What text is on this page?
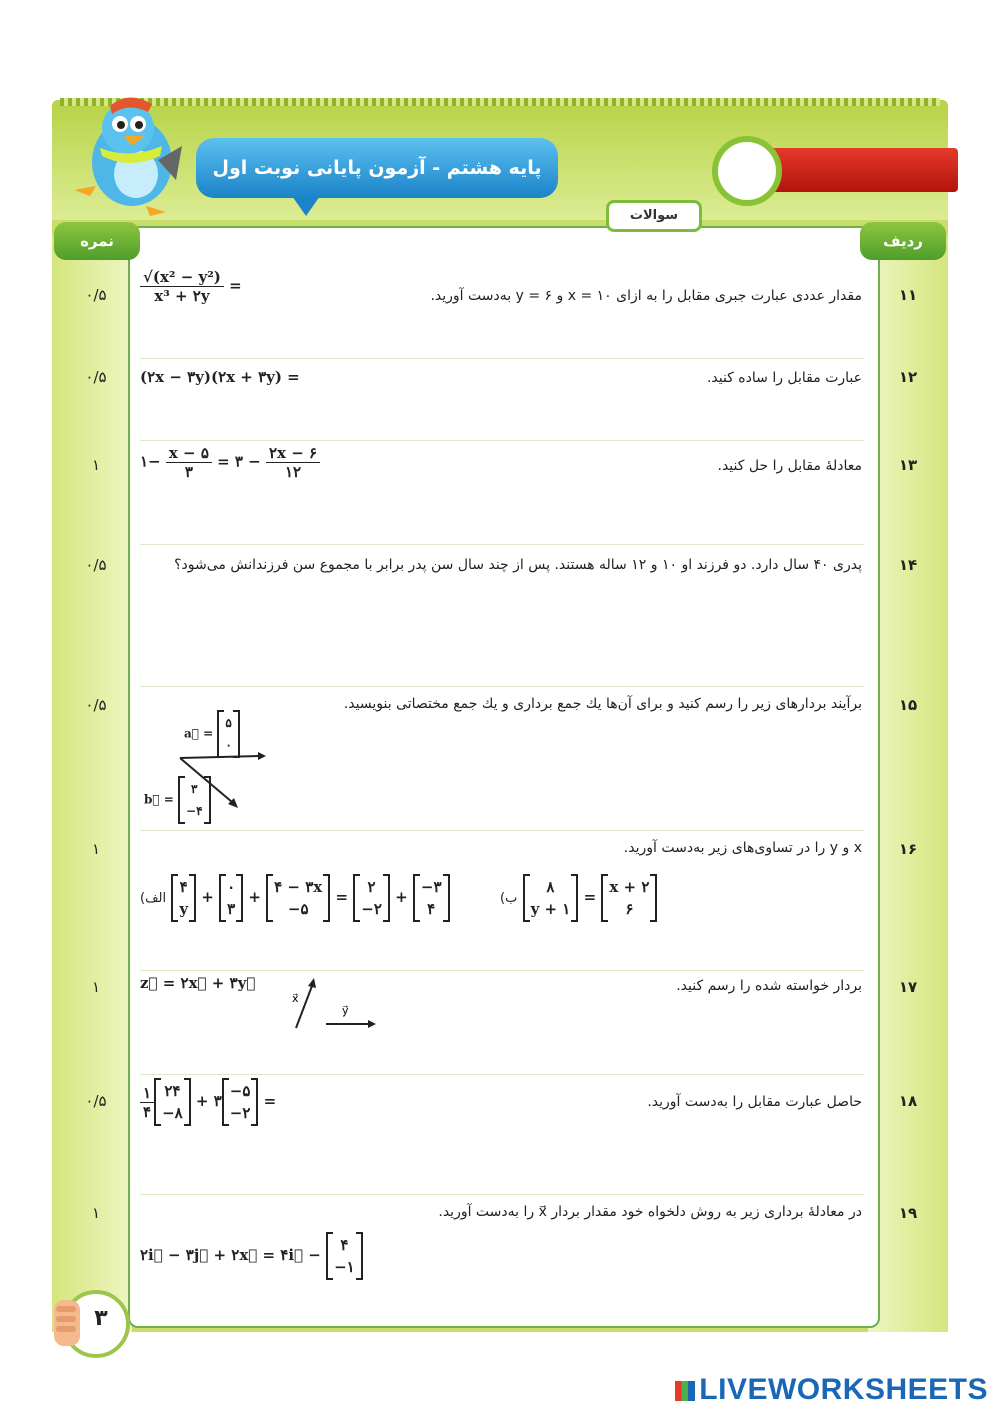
پایه هشتم - آزمون پایانی نوبت اول
سوالات
ردیف
نمره
۱۱
۰/۵	مقدار عددی عبارت جبری مقابل را به ازای x = ۱۰ و y = ۶ به‌دست آورید.
$\frac{\text{√(x² − y²)}}{\text{x³ + ۲y}}$ =
۱۲
۰/۵	عبارت مقابل را ساده کنید.
(۲x − ۳y)(۲x + ۳y) =
۱۳
۱	معادلهٔ مقابل را حل کنید.
۱− $\frac{x - ۵}{۳}$ = ۳ − $\frac{۲x - ۶}{۱۲}$
۱۴
۰/۵	پدری ۴۰ سال دارد. دو فرزند او ۱۰ و ۱۲ ساله هستند. پس از چند سال سن پدر برابر با مجموع سن فرزندانش می‌شود؟
۱۵
۰/۵	برآیند بردارهای زیر را رسم کنید و برای آن‌ها یك جمع برداری و یك جمع مختصاتی بنویسید.
a⃗ =
۵
۰
b⃗ =
۳
−۴
۱۶
۱	x و y را در تساوی‌های زیر به‌دست آورید.
(الف
۴
y
+
۰
۳
+
۴ − ۳x
−۵
=
۲
−۲
+
−۳
۴
(ب
۸
y + ۱
=
x + ۲
۶
۱۷
۱	بردار خواسته شده را رسم کنید.
z⃗ = ۲x⃗ + ۳y⃗
x⃗
y⃗
۱۸
۰/۵	حاصل عبارت مقابل را به‌دست آورید.
$\frac{۱}{۴}$ ۲۴
−۸
+ ۳
−۵
−۲
=
۱۹
۱	در معادلهٔ برداری زیر به روش دلخواه خود مقدار بردار x⃗ را به‌دست آورید.
۲i⃗ − ۳j⃗ + ۲x⃗ = ۴i⃗ −
۴
−۱
۳
LIVEWORKSHEETS
